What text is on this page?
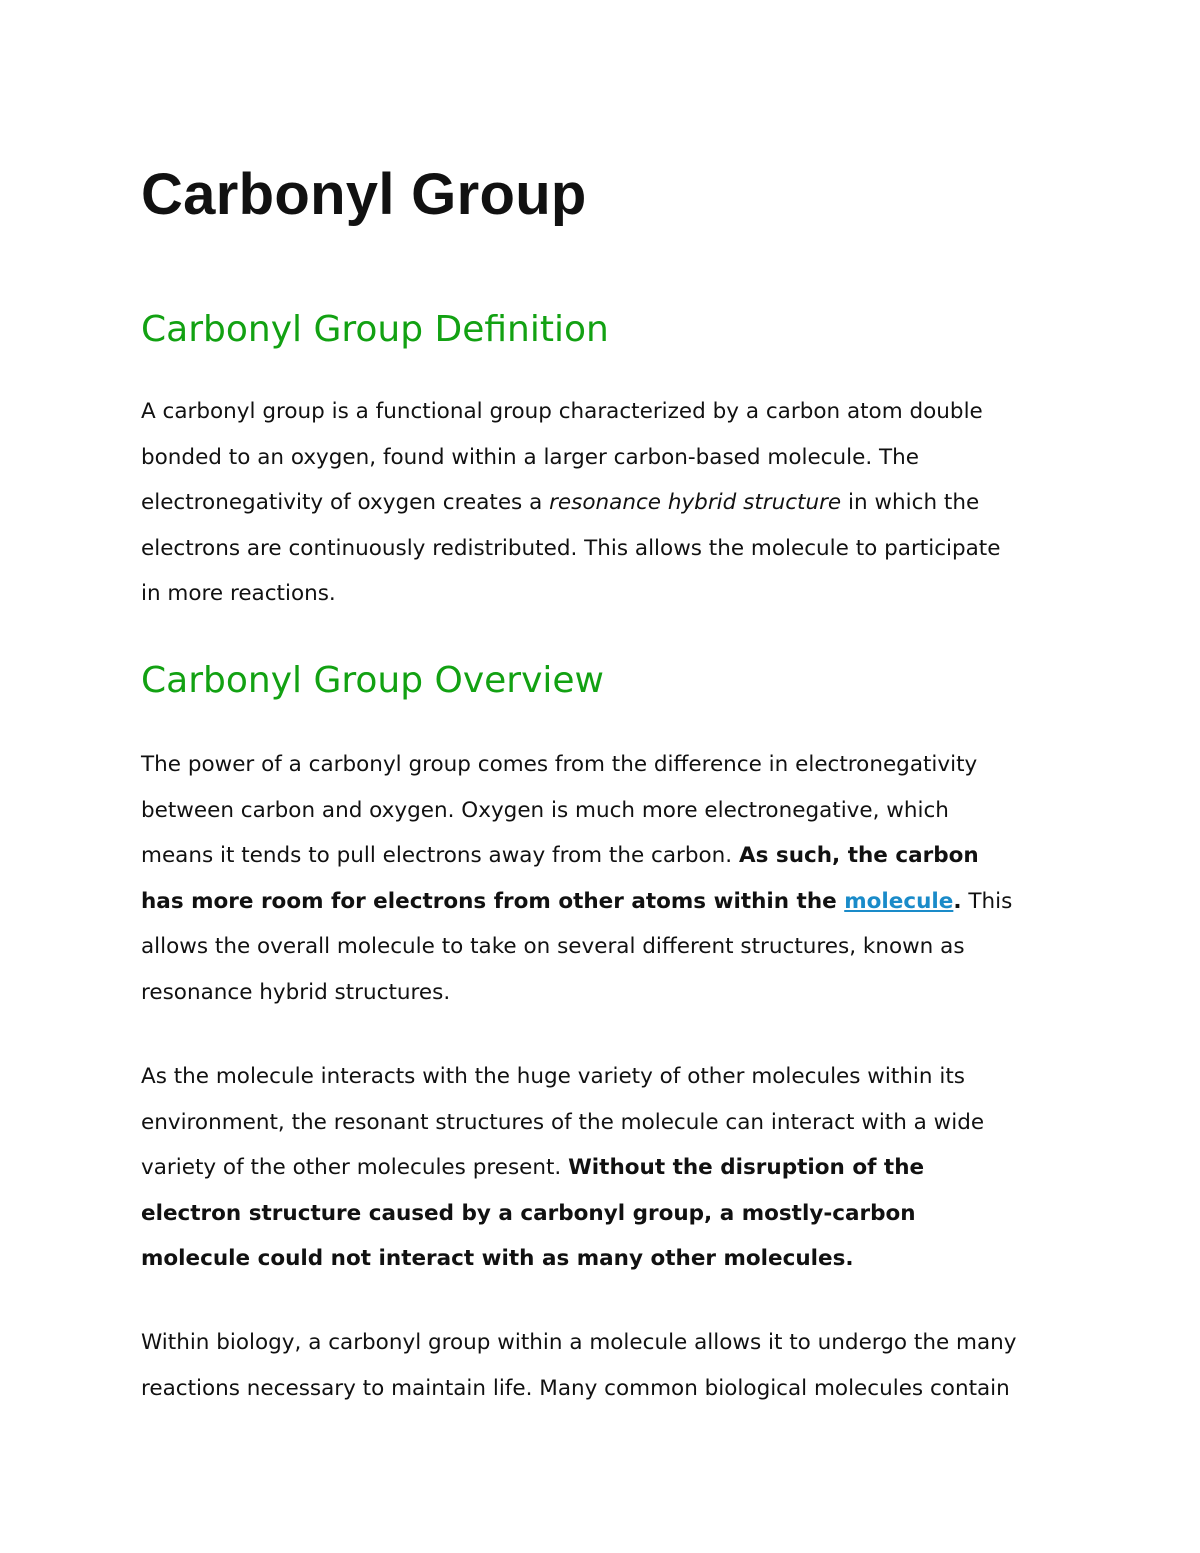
Carbonyl Group
Carbonyl Group Definition

A carbonyl group is a functional group characterized by a carbon atom double
bonded to an oxygen, found within a larger carbon-based molecule. The
electronegativity of oxygen creates a resonance hybrid structure in which the
electrons are continuously redistributed. This allows the molecule to participate
in more reactions.

Carbonyl Group Overview

The power of a carbonyl group comes from the difference in electronegativity
between carbon and oxygen. Oxygen is much more electronegative, which
means it tends to pull electrons away from the carbon. As such, the carbon
has more room for electrons from other atoms within the molecule. This
allows the overall molecule to take on several different structures, known as
resonance hybrid structures.

As the molecule interacts with the huge variety of other molecules within its
environment, the resonant structures of the molecule can interact with a wide
variety of the other molecules present. Without the disruption of the
electron structure caused by a carbonyl group, a mostly-carbon
molecule could not interact with as many other molecules.

Within biology, a carbonyl group within a molecule allows it to undergo the many
reactions necessary to maintain life. Many common biological molecules contain
